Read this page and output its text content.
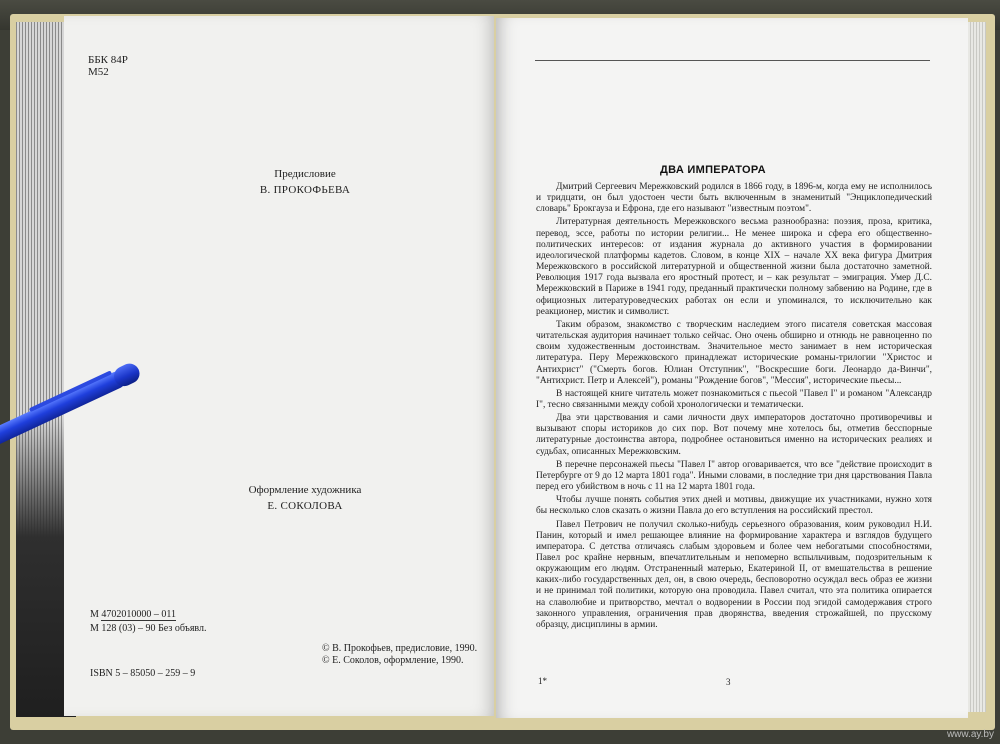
ББК 84Р
М52
Предисловие
В. ПРОКОФЬЕВА
Оформление художника
Е. СОКОЛОВА
М 4702010000 – 011
М 128 (03) – 90 Без объявл.
ISBN 5 – 85050 – 259 – 9
© В. Прокофьев, предисловие, 1990.
© Е. Соколов, оформление, 1990.
ДВА ИМПЕРАТОРА

Дмитрий Сергеевич Мережковский родился в 1866 году, в 1896-м, когда ему не исполнилось и тридцати, он был удостоен чести быть включенным в знаменитый "Энциклопедический словарь" Брокгауза и Ефрона, где его называют "известным поэтом".

Литературная деятельность Мережковского весьма разнообразна: поэзия, проза, критика, перевод, эссе, работы по истории религии... Не менее широка и сфера его общественно-политических интересов: от издания журнала до активного участия в формировании идеологической платформы кадетов. Словом, в конце XIX – начале XX века фигура Дмитрия Мережковского в российской литературной и общественной жизни была достаточно заметной. Революция 1917 года вызвала его яростный протест, и – как результат – эмиграция. Умер Д.С. Мережковский в Париже в 1941 году, преданный практически полному забвению на Родине, где в официозных литературоведческих работах он если и упоминался, то исключительно как реакционер, мистик и символист.

Таким образом, знакомство с творческим наследием этого писателя советская массовая читательская аудитория начинает только сейчас. Оно очень обширно и отнюдь не равноценно по своим художественным достоинствам. Значительное место занимает в нем историческая литература. Перу Мережковского принадлежат исторические романы-трилогии "Христос и Антихрист" ("Смерть богов. Юлиан Отступник", "Воскресшие боги. Леонардо да-Винчи", "Антихрист. Петр и Алексей"), романы "Рождение богов", "Мессия", исторические пьесы...

В настоящей книге читатель может познакомиться с пьесой "Павел I" и романом "Александр I", тесно связанными между собой хронологически и тематически.

Два эти царствования и сами личности двух императоров достаточно противоречивы и вызывают споры историков до сих пор. Вот почему мне хотелось бы, отметив бесспорные литературные достоинства автора, подробнее остановиться именно на исторических реалиях и судьбах, описанных Мережковским.

В перечне персонажей пьесы "Павел I" автор оговаривается, что все "действие происходит в Петербурге от 9 до 12 марта 1801 года". Иными словами, в последние три дня царствования Павла перед его убийством в ночь с 11 на 12 марта 1801 года.

Чтобы лучше понять события этих дней и мотивы, движущие их участниками, нужно хотя бы несколько слов сказать о жизни Павла до его вступления на российский престол.

Павел Петрович не получил сколько-нибудь серьезного образования, коим руководил Н.И. Панин, который и имел решающее влияние на формирование характера и взглядов будущего императора. С детства отличаясь слабым здоровьем и более чем небогатыми способностями, Павел рос крайне нервным, впечатлительным и непомерно вспыльчивым, подозрительным к окружающим его людям. Отстраненный матерью, Екатериной II, от вмешательства в решение каких-либо государственных дел, он, в свою очередь, бесповоротно осуждал весь образ ее жизни и не принимал той политики, которую она проводила. Павел считал, что эта политика опирается на славолюбие и притворство, мечтал о водворении в России под эгидой самодержавия строго законного управления, ограничения прав дворянства, введения строжайшей, по прусскому образцу, дисциплины в армии.

1*	3
www.ay.by
